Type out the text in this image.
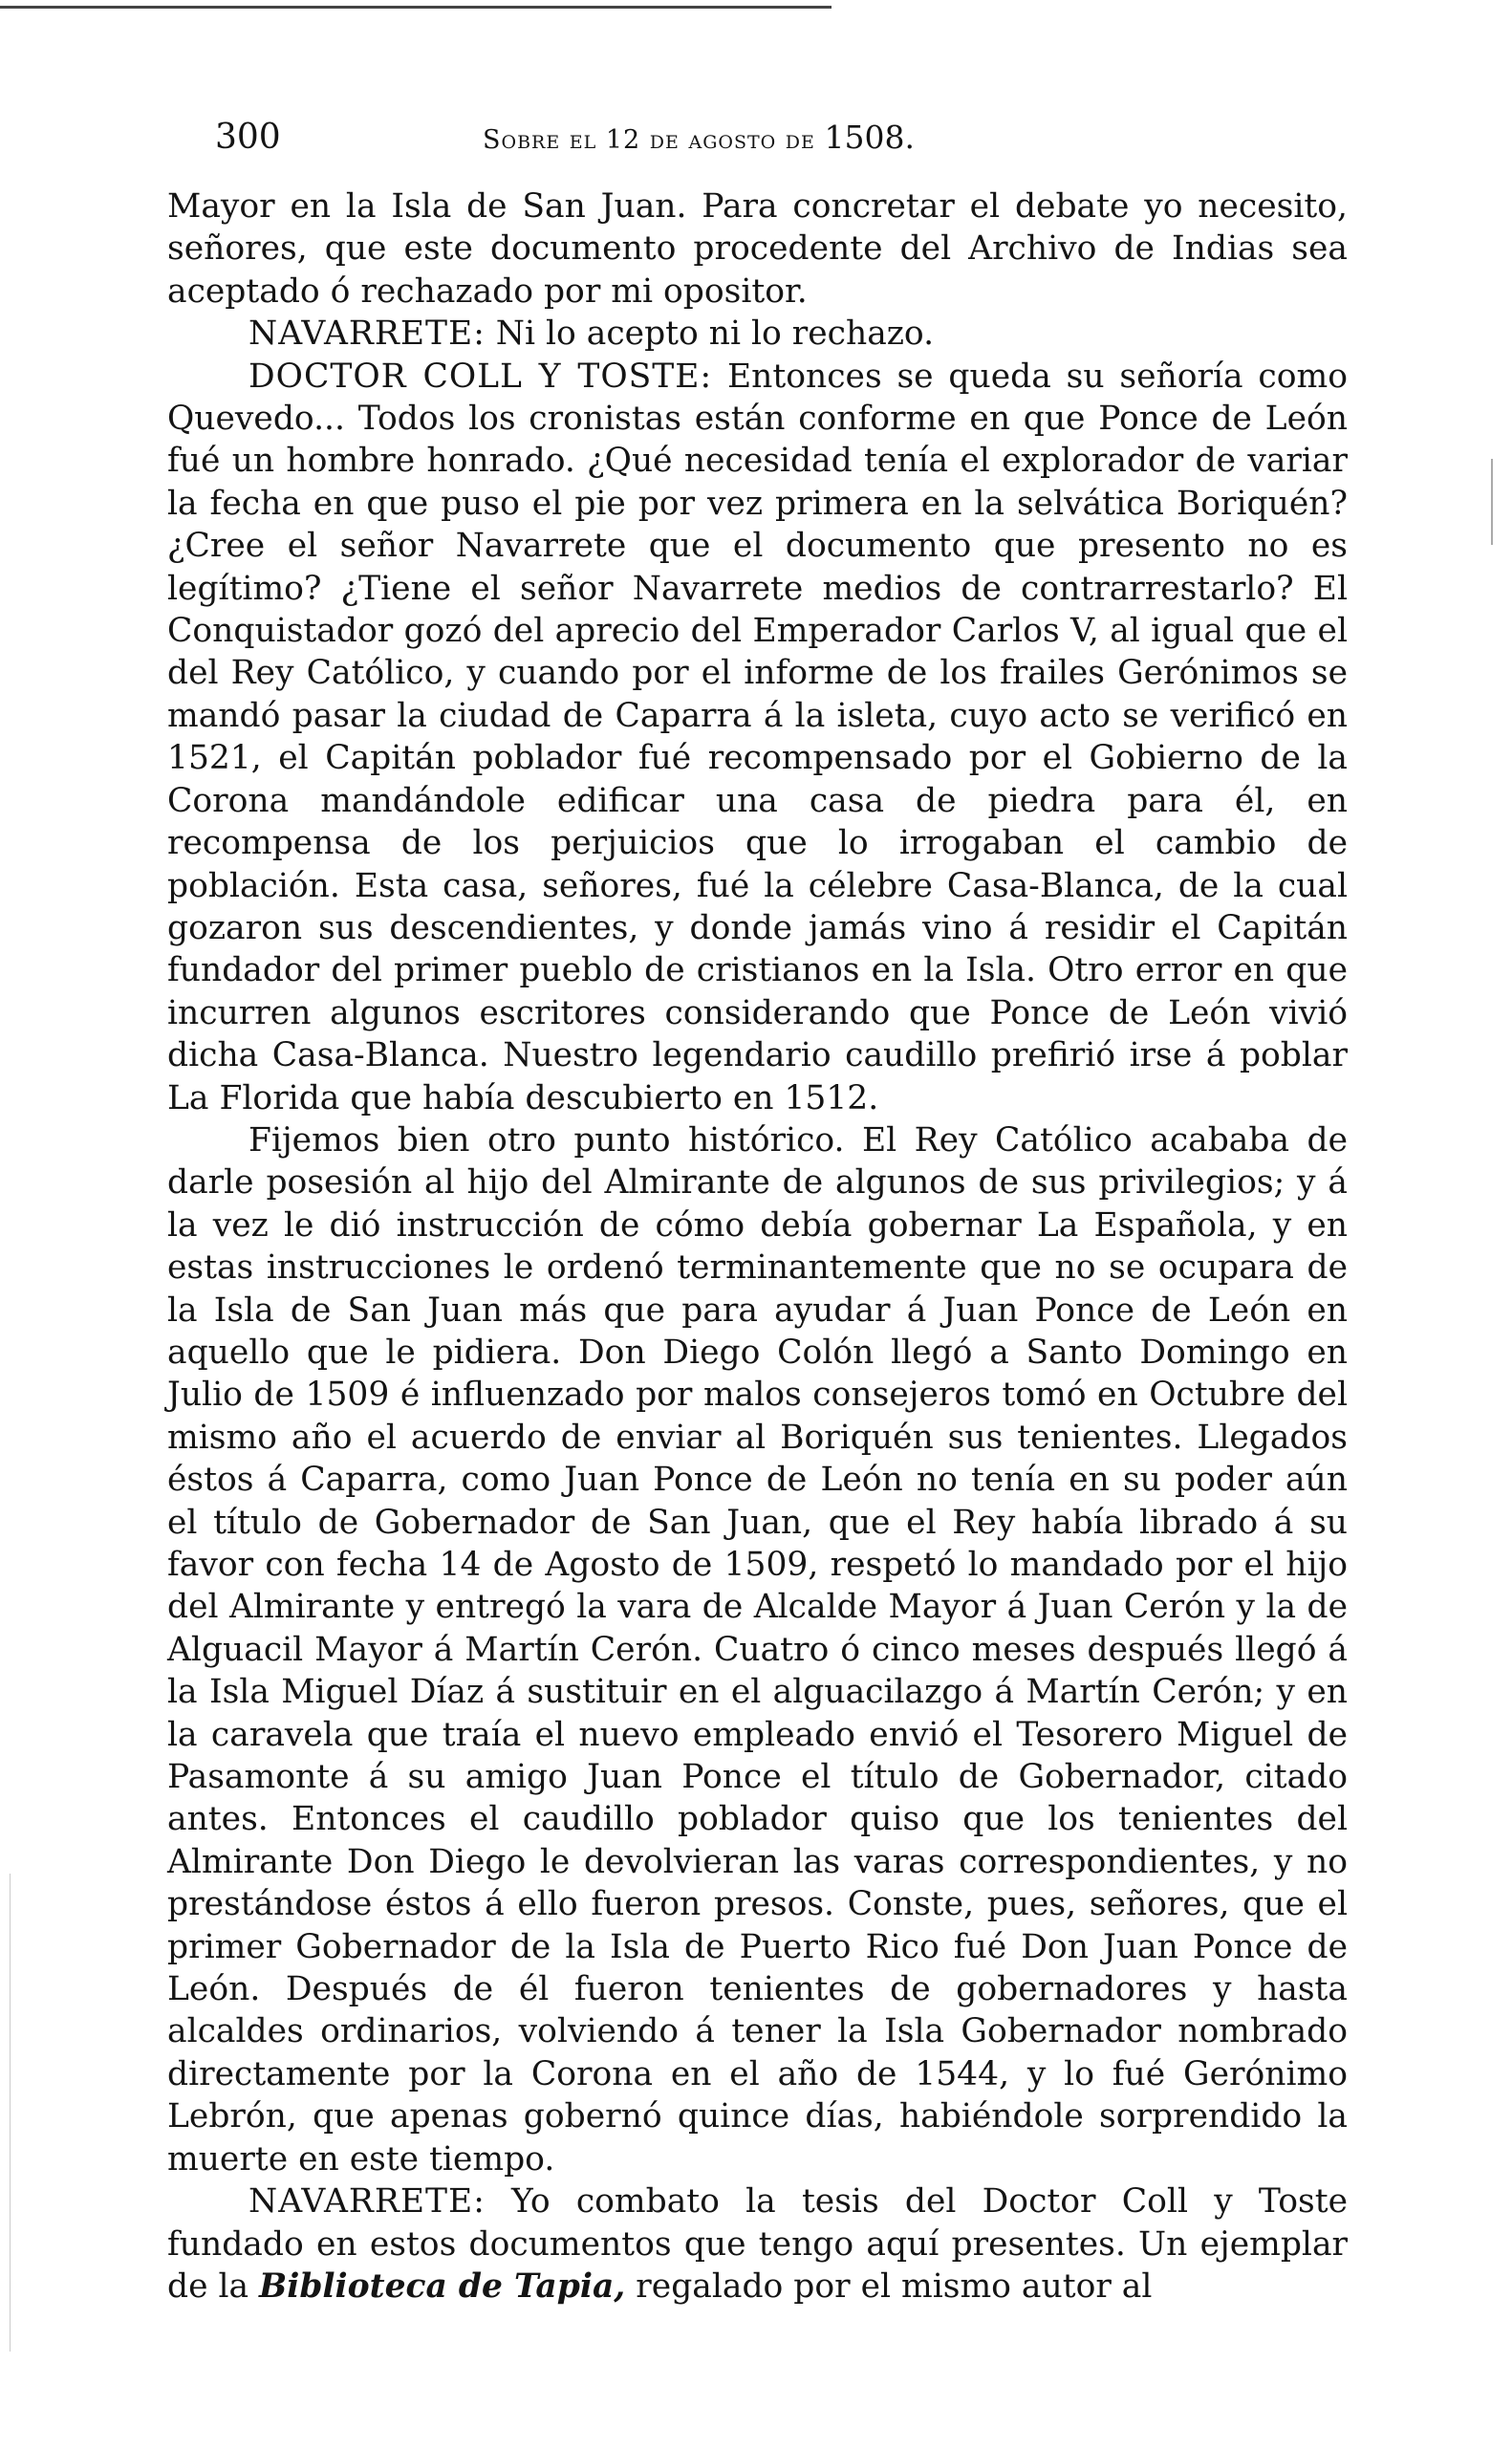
300	Sobre el 12 de agosto de 1508.

Mayor en la Isla de San Juan. Para concretar el debate yo necesito, señores, que este documento procedente del Archivo de Indias sea aceptado ó rechazado por mi opositor.

NAVARRETE: Ni lo acepto ni lo rechazo.

DOCTOR COLL Y TOSTE: Entonces se queda su señoría como Quevedo... Todos los cronistas están conforme en que Ponce de León fué un hombre honrado. ¿Qué necesidad tenía el explorador de variar la fecha en que puso el pie por vez primera en la selvática Boriquén? ¿Cree el señor Navarrete que el documento que presento no es legítimo? ¿Tiene el señor Navarrete medios de contrarrestarlo? El Conquistador gozó del aprecio del Emperador Carlos V, al igual que el del Rey Católico, y cuando por el informe de los frailes Gerónimos se mandó pasar la ciudad de Caparra á la isleta, cuyo acto se verificó en 1521, el Capitán poblador fué recompensado por el Gobierno de la Corona mandándole edificar una casa de piedra para él, en recompensa de los perjuicios que lo irrogaban el cambio de población. Esta casa, señores, fué la célebre Casa-Blanca, de la cual gozaron sus descendientes, y donde jamás vino á residir el Capitán fundador del primer pueblo de cristianos en la Isla. Otro error en que incurren algunos escritores considerando que Ponce de León vivió dicha Casa-Blanca. Nuestro legendario caudillo prefirió irse á poblar La Florida que había descubierto en 1512.

Fijemos bien otro punto histórico. El Rey Católico acababa de darle posesión al hijo del Almirante de algunos de sus privilegios; y á la vez le dió instrucción de cómo debía gobernar La Española, y en estas instrucciones le ordenó terminantemente que no se ocupara de la Isla de San Juan más que para ayudar á Juan Ponce de León en aquello que le pidiera. Don Diego Colón llegó a Santo Domingo en Julio de 1509 é influenzado por malos consejeros tomó en Octubre del mismo año el acuerdo de enviar al Boriquén sus tenientes. Llegados éstos á Caparra, como Juan Ponce de León no tenía en su poder aún el título de Gobernador de San Juan, que el Rey había librado á su favor con fecha 14 de Agosto de 1509, respetó lo mandado por el hijo del Almirante y entregó la vara de Alcalde Mayor á Juan Cerón y la de Alguacil Mayor á Martín Cerón. Cuatro ó cinco meses después llegó á la Isla Miguel Díaz á sustituir en el alguacilazgo á Martín Cerón; y en la caravela que traía el nuevo empleado envió el Tesorero Miguel de Pasamonte á su amigo Juan Ponce el título de Gobernador, citado antes. Entonces el caudillo poblador quiso que los tenientes del Almirante Don Diego le devolvieran las varas correspondientes, y no prestándose éstos á ello fueron presos. Conste, pues, señores, que el primer Gobernador de la Isla de Puerto Rico fué Don Juan Ponce de León. Después de él fueron tenientes de gobernadores y hasta alcaldes ordinarios, volviendo á tener la Isla Gobernador nombrado directamente por la Corona en el año de 1544, y lo fué Gerónimo Lebrón, que apenas gobernó quince días, habiéndole sorprendido la muerte en este tiempo.

NAVARRETE: Yo combato la tesis del Doctor Coll y Toste fundado en estos documentos que tengo aquí presentes. Un ejemplar de la Biblioteca de Tapia, regalado por el mismo autor al
